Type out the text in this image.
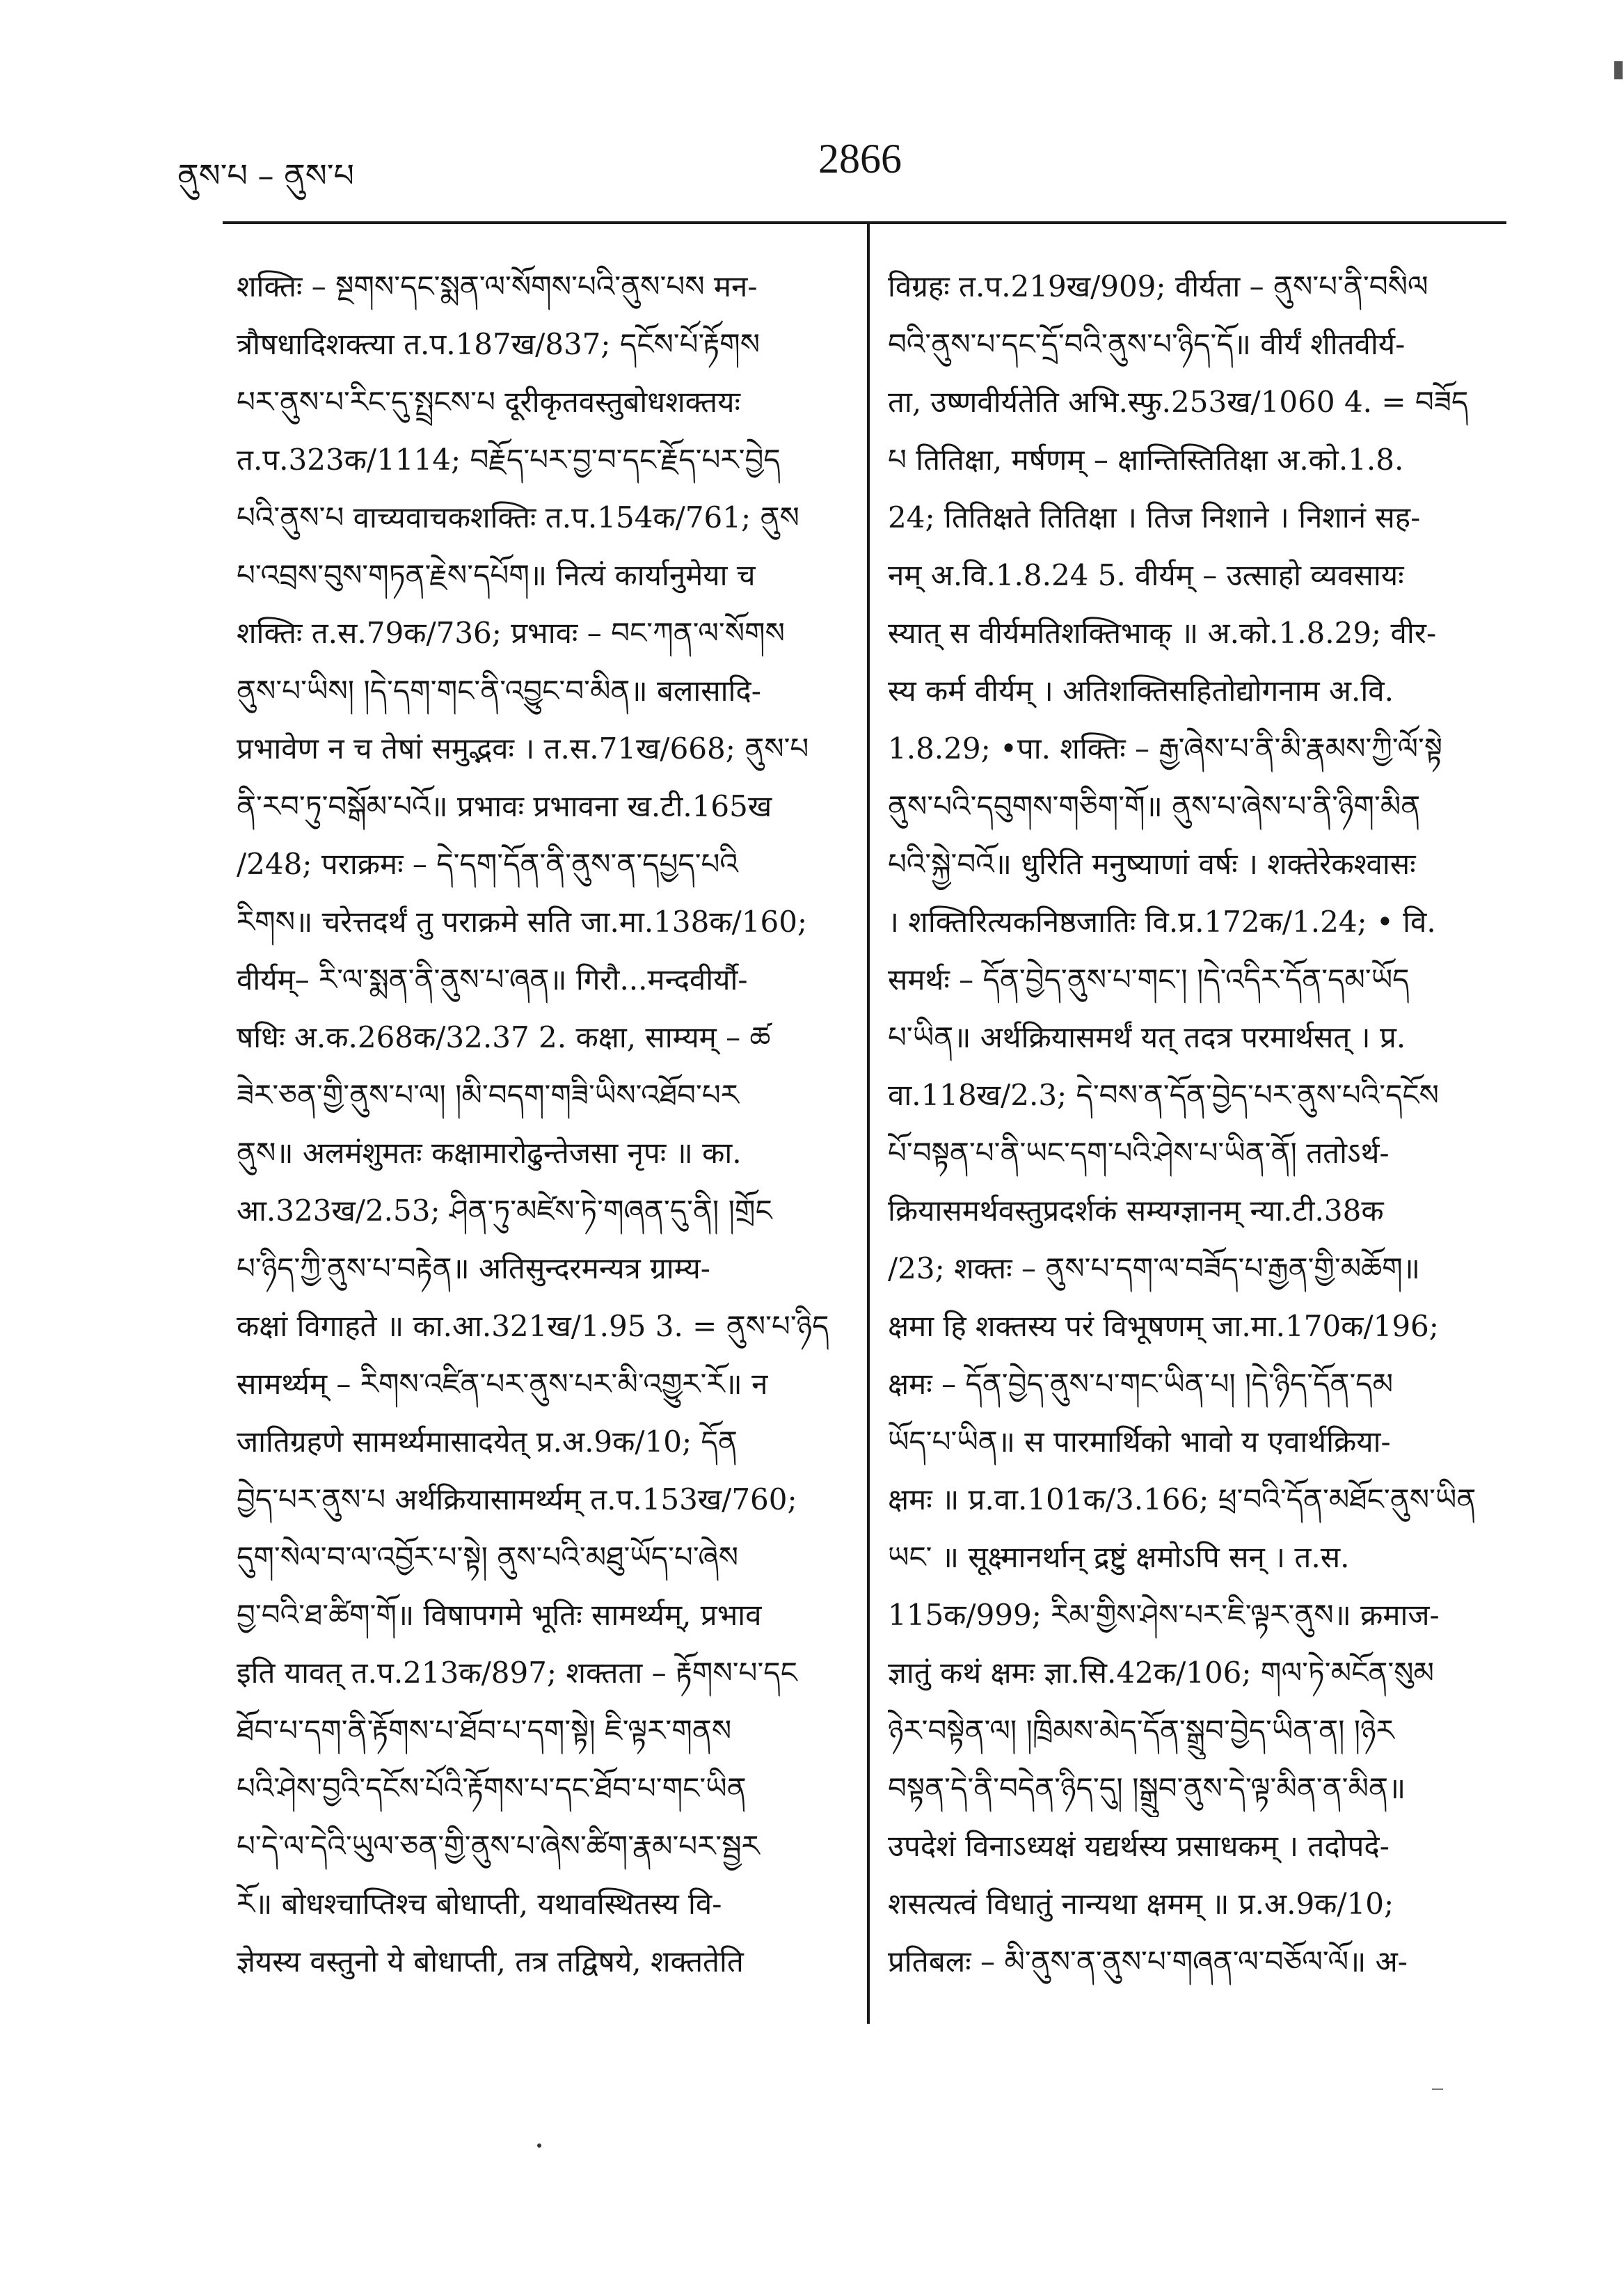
ནུས་པ – ནུས་པ	2866
शक्तिः – སྔགས་དང་སྨན་ལ་སོགས་པའི་ནུས་པས मन-
त्रौषधादिशक्त्या त.प.187ख/837; དངོས་པོ་རྟོགས
པར་ནུས་པ་རིང་དུ་སྤྲངས་པ दूरीकृतवस्तुबोधशक्तयः
त.प.323क/1114; བརྗོད་པར་བྱ་བ་དང་རྗོད་པར་བྱེད
པའི་ནུས་པ वाच्यवाचकशक्तिः त.प.154क/761; ནུས
པ་འབྲས་བུས་གཏན་རྗེས་དཔོག॥ नित्यं कार्यानुमेया च
शक्तिः त.स.79क/736; प्रभावः – བང་ཀན་ལ་སོགས
ནུས་པ་ཡིས། །དེ་དག་གང་ནི་འབྱུང་བ་མིན॥ बलासादि-
प्रभावेण न च तेषां समुद्भवः । त.स.71ख/668; ནུས་པ
ནི་རབ་ཏུ་བསྒོམ་པའོ॥ प्रभावः प्रभावना ख.टी.165ख
/248; पराक्रमः – དེ་དག་དོན་ནི་ནུས་ན་དཔྱད་པའི
རིགས॥ चरेत्तदर्थं तु पराक्रमे सति जा.मा.138क/160;
वीर्यम्– རི་ལ་སྨན་ནི་ནུས་པ་ཞན॥ गिरौ...मन्दवीर्यौ-
षधिः अ.क.268क/32.37 2. कक्षा, साम्यम् – ཚ
ཟེར་ཅན་གྱི་ནུས་པ་ལ། །མི་བདག་གཟི་ཡིས་འཐོབ་པར
ནུས॥ अलमंशुमतः कक्षामारोढुन्तेजसा नृपः ॥ का.
आ.323ख/2.53; ཤིན་ཏུ་མཛེས་ཏེ་གཞན་དུ་ནི། །གྲོང
པ་ཉིད་ཀྱི་ནུས་པ་བརྟེན॥ अतिसुन्दरमन्यत्र ग्राम्य-
कक्षां विगाहते ॥ का.आ.321ख/1.95 3. = ནུས་པ་ཉིད
सामर्थ्यम् – རིགས་འཛིན་པར་ནུས་པར་མི་འགྱུར་རོ॥ न
जातिग्रहणे सामर्थ्यमासादयेत् प्र.अ.9क/10; དོན
བྱེད་པར་ནུས་པ अर्थक्रियासामर्थ्यम् त.प.153ख/760;
དུག་སེལ་བ་ལ་འབྱོར་པ་སྟེ། ནུས་པའི་མཐུ་ཡོད་པ་ཞེས
བྱ་བའི་ཐ་ཚིག་གོ॥ विषापगमे भूतिः सामर्थ्यम्, प्रभाव
इति यावत् त.प.213क/897; शक्तता – རྟོགས་པ་དང
ཐོབ་པ་དག་ནི་རྟོགས་པ་ཐོབ་པ་དག་སྟེ། ཇི་ལྟར་གནས
པའི་ཤེས་བྱའི་དངོས་པོའི་རྟོགས་པ་དང་ཐོབ་པ་གང་ཡིན
པ་དེ་ལ་དེའི་ཡུལ་ཅན་གྱི་ནུས་པ་ཞེས་ཚིག་རྣམ་པར་སྦྱར
རོ॥ बोधश्चाप्तिश्च बोधाप्ती, यथावस्थितस्य वि-
ज्ञेयस्य वस्तुनो ये बोधाप्ती, तत्र तद्विषये, शक्ततेति
विग्रहः त.प.219ख/909; वीर्यता – ནུས་པ་ནི་བསིལ
བའི་ནུས་པ་དང་དྲོ་བའི་ནུས་པ་ཉིད་དོ॥ वीर्यं शीतवीर्य-
ता, उष्णवीर्यतेति अभि.स्फु.253ख/1060 4. = བཟོད
པ तितिक्षा, मर्षणम् – क्षान्तिस्तितिक्षा अ.को.1.8.
24; तितिक्षते तितिक्षा । तिज निशाने । निशानं सह-
नम् अ.वि.1.8.24 5. वीर्यम् – उत्साहो व्यवसायः
स्यात् स वीर्यमतिशक्तिभाक् ॥ अ.को.1.8.29; वीर-
स्य कर्म वीर्यम् । अतिशक्तिसहितोद्योगनाम अ.वि.
1.8.29; •पा. शक्तिः – རྒྱ་ཞེས་པ་ནི་མི་རྣམས་ཀྱི་ལོ་སྟེ
ནུས་པའི་དབུགས་གཅིག་གོ॥ ནུས་པ་ཞེས་པ་ནི་ཉིག་མིན
པའི་སྐྱེ་བའོ॥ धुरिति मनुष्याणां वर्षः । शक्तेरेकश्वासः
। शक्तिरित्यकनिष्ठजातिः वि.प्र.172क/1.24; • वि.
समर्थः – དོན་བྱེད་ནུས་པ་གང་། །དེ་འདིར་དོན་དམ་ཡོད
པ་ཡིན॥ अर्थक्रियासमर्थं यत् तदत्र परमार्थसत् । प्र.
वा.118ख/2.3; དེ་བས་ན་དོན་བྱེད་པར་ནུས་པའི་དངོས
པོ་བསྟན་པ་ནི་ཡང་དག་པའི་ཤེས་པ་ཡིན་ནོ། ततोऽर्थ-
क्रियासमर्थवस्तुप्रदर्शकं सम्यग्ज्ञानम् न्या.टी.38क
/23; शक्तः – ནུས་པ་དག་ལ་བཟོད་པ་རྒྱན་གྱི་མཆོག॥
क्षमा हि शक्तस्य परं विभूषणम् जा.मा.170क/196;
क्षमः – དོན་བྱེད་ནུས་པ་གང་ཡིན་པ། །དེ་ཉིད་དོན་དམ
ཡོད་པ་ཡིན॥ स पारमार्थिको भावो य एवार्थक्रिया-
क्षमः ॥ प्र.वा.101क/3.166; ཕྲ་བའི་དོན་མཐོང་ནུས་ཡིན
ཡང་ ॥ सूक्ष्मानर्थान् द्रष्टुं क्षमोऽपि सन् । त.स.
115क/999; རིམ་གྱིས་ཤེས་པར་ཇི་ལྟར་ནུས॥ क्रमाज-
ज्ञातुं कथं क्षमः ज्ञा.सि.42क/106; གལ་ཏེ་མངོན་སུམ
ཉེར་བསྟེན་ལ། །ཁྲིམས་མེད་དོན་སྒྲུབ་བྱེད་ཡིན་ན། །ཉེར
བསྟན་དེ་ནི་བདེན་ཉིད་དུ། །སྒྲུབ་ནུས་དེ་ལྟ་མིན་ན་མིན॥
उपदेशं विनाऽध्यक्षं यद्यर्थस्य प्रसाधकम् । तदोपदे-
शसत्यत्वं विधातुं नान्यथा क्षमम् ॥ प्र.अ.9क/10;
प्रतिबलः – མི་ནུས་ན་ནུས་པ་གཞན་ལ་བཅོལ་ལོ॥ अ-
